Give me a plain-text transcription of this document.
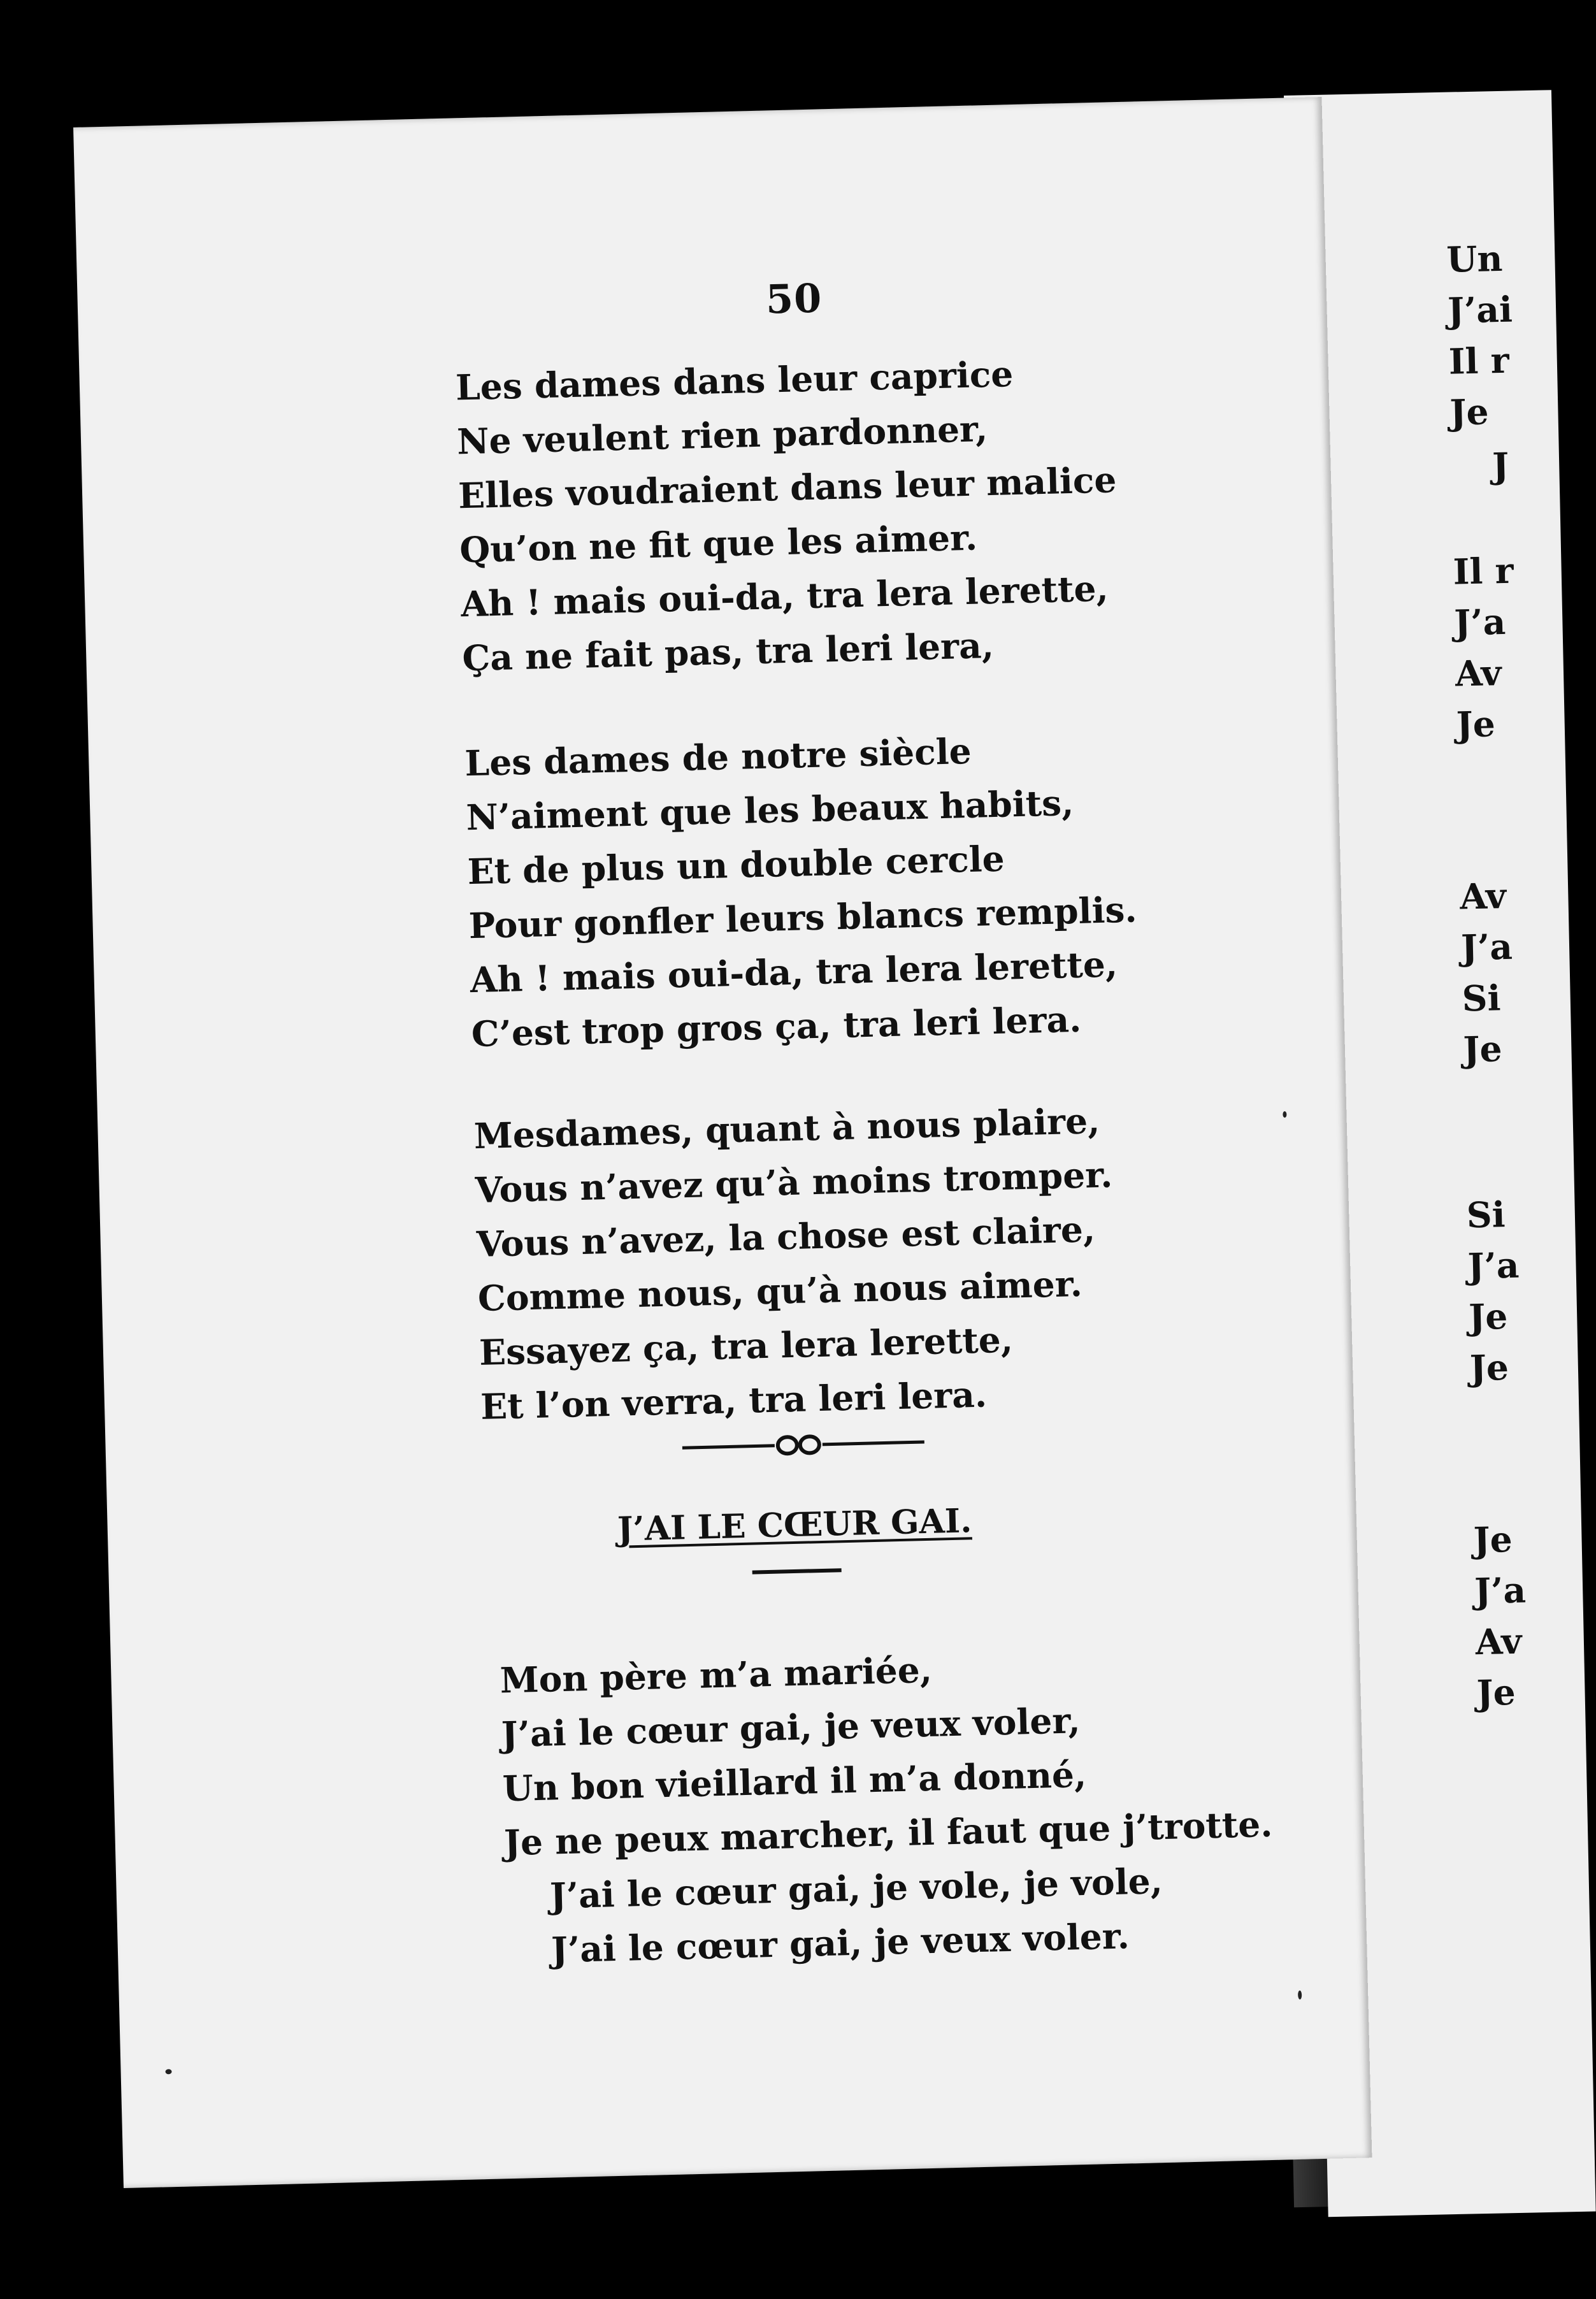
Un
J’ai
Il r
Je
J
Il r
J’a
Av
Je
Av
J’a
Si
Je
Si
J’a
Je
Je
Je
J’a
Av
Je
50
Les dames dans leur caprice
Ne veulent rien pardonner,
Elles voudraient dans leur malice
Qu’on ne fit que les aimer.
Ah ! mais oui-da, tra lera lerette,
Ça ne fait pas, tra leri lera,
Les dames de notre siècle
N’aiment que les beaux habits,
Et de plus un double cercle
Pour gonfler leurs blancs remplis.
Ah ! mais oui-da, tra lera lerette,
C’est trop gros ça, tra leri lera.
Mesdames, quant à nous plaire,
Vous n’avez qu’à moins tromper.
Vous n’avez, la chose est claire,
Comme nous, qu’à nous aimer.
Essayez ça, tra lera lerette,
Et l’on verra, tra leri lera.
J’AI LE CŒUR GAI.
Mon père m’a mariée,
J’ai le cœur gai, je veux voler,
Un bon vieillard il m’a donné,
Je ne peux marcher, il faut que j’trotte.
J’ai le cœur gai, je vole, je vole,
J’ai le cœur gai, je veux voler.
